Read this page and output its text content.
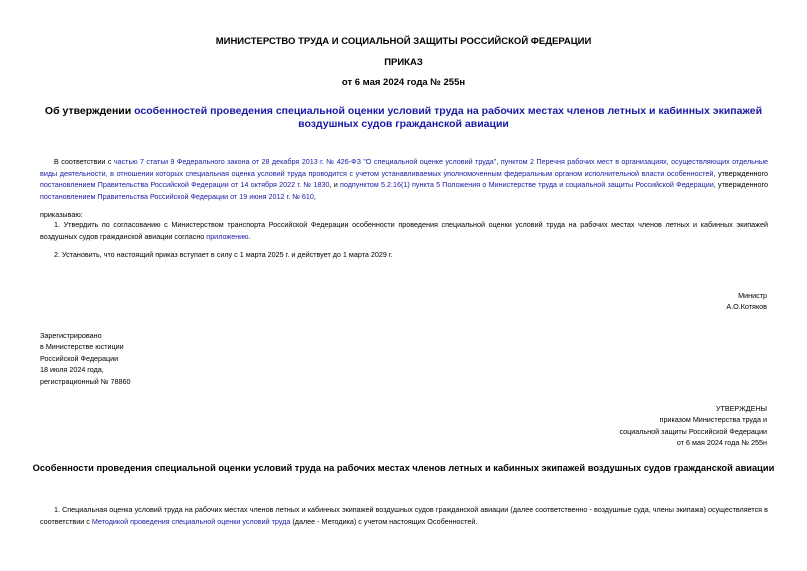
МИНИСТЕРСТВО ТРУДА И СОЦИАЛЬНОЙ ЗАЩИТЫ РОССИЙСКОЙ ФЕДЕРАЦИИ
ПРИКАЗ
от 6 мая 2024 года № 255н
Об утверждении особенностей проведения специальной оценки условий труда на рабочих местах членов летных и кабинных экипажей воздушных судов гражданской авиации
В соответствии с частью 7 статьи 9 Федерального закона от 28 декабря 2013 г. № 426-ФЗ "О специальной оценке условий труда", пунктом 2 Перечня рабочих мест в организациях, осуществляющих отдельные виды деятельности, в отношении которых специальная оценка условий труда проводится с учетом устанавливаемых уполномоченным федеральным органом исполнительной власти особенностей, утвержденного постановлением Правительства Российской Федерации от 14 октября 2022 г. № 1830, и подпунктом 5.2.16(1) пункта 5 Положения о Министерстве труда и социальной защиты Российской Федерации, утвержденного постановлением Правительства Российской Федерации от 19 июня 2012 г. № 610,
приказываю:
1. Утвердить по согласованию с Министерством транспорта Российской Федерации особенности проведения специальной оценки условий труда на рабочих местах членов летных и кабинных экипажей воздушных судов гражданской авиации согласно приложению.
2. Установить, что настоящий приказ вступает в силу с 1 марта 2025 г. и действует до 1 марта 2029 г.
Министр
А.О.Котяков
Зарегистрировано
в Министерстве юстиции
Российской Федерации
18 июля 2024 года,
регистрационный № 78860
УТВЕРЖДЕНЫ
приказом Министерства труда и
социальной защиты Российской Федерации
от 6 мая 2024 года № 255н
Особенности проведения специальной оценки условий труда на рабочих местах членов летных и кабинных экипажей воздушных судов гражданской авиации
1. Специальная оценка условий труда на рабочих местах членов летных и кабинных экипажей воздушных судов гражданской авиации (далее соответственно - воздушные суда, члены экипажа) осуществляется в соответствии с Методикой проведения специальной оценки условий труда (далее - Методика) с учетом настоящих Особенностей.
